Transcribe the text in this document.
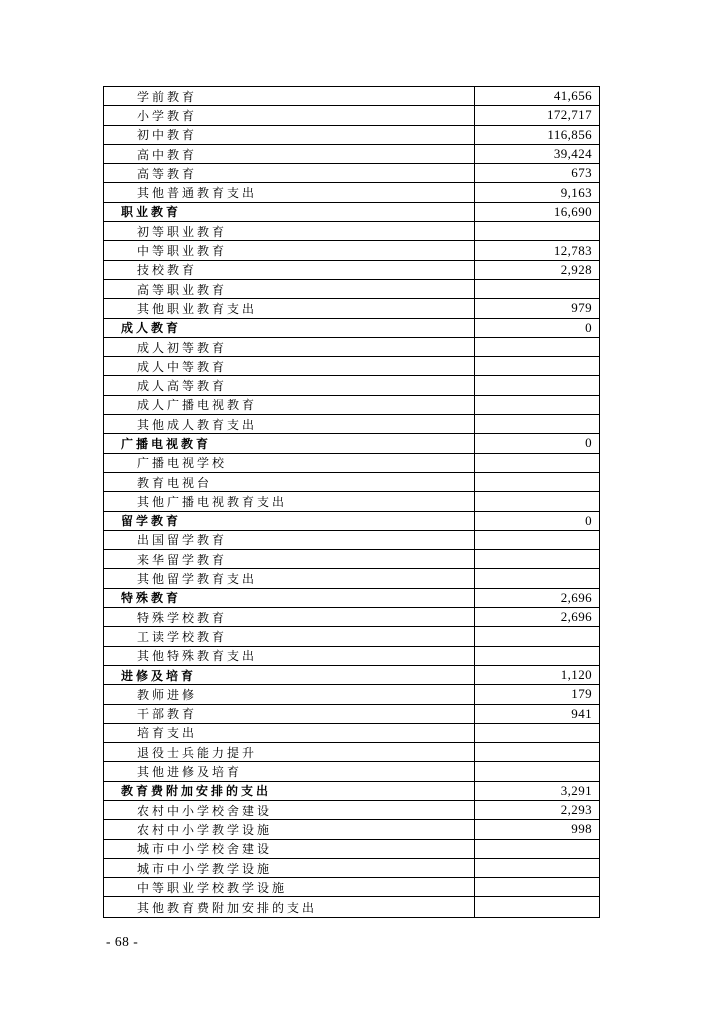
学前教育	41,656
小学教育	172,717
初中教育	116,856
高中教育	39,424
高等教育	673
其他普通教育支出	9,163
职业教育	16,690
初等职业教育
中等职业教育	12,783
技校教育	2,928
高等职业教育
其他职业教育支出	979
成人教育	0
成人初等教育
成人中等教育
成人高等教育
成人广播电视教育
其他成人教育支出
广播电视教育	0
广播电视学校
教育电视台
其他广播电视教育支出
留学教育	0
出国留学教育
来华留学教育
其他留学教育支出
特殊教育	2,696
特殊学校教育	2,696
工读学校教育
其他特殊教育支出
进修及培育	1,120
教师进修	179
干部教育	941
培育支出
退役士兵能力提升
其他进修及培育
教育费附加安排的支出	3,291
农村中小学校舍建设	2,293
农村中小学教学设施	998
城市中小学校舍建设
城市中小学教学设施
中等职业学校教学设施
其他教育费附加安排的支出
- 68 -
